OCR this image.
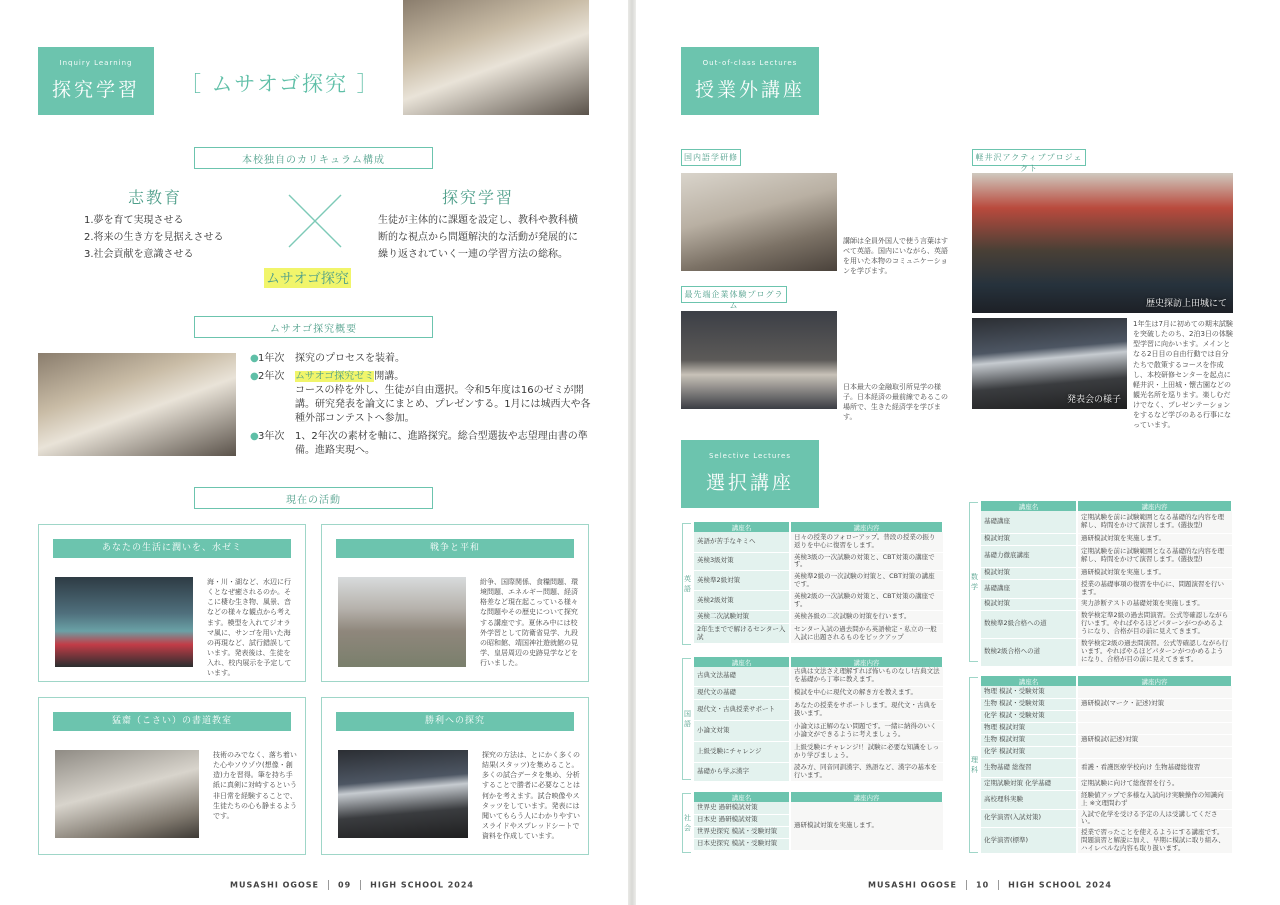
Inquiry Learning
探究学習	［ ムサオゴ探究 ］
本校独自のカリキュラム構成
志教育
1.夢を育て実現させる
2.将来の生き方を見据えさせる
3.社会貢献を意識させる
探究学習
生徒が主体的に課題を設定し、教科や教科横断的な視点から問題解決的な活動が発展的に繰り返されていく一連の学習方法の総称。
ムサオゴ探究
ムサオゴ探究概要
● 1年次 探究のプロセスを装着。
● 2年次 ムサオゴ探究ゼミ開講。
コースの枠を外し、生徒が自由選択。令和5年度は16のゼミが開講。研究発表を論文にまとめ、プレゼンする。1月には城西大や各種外部コンテストへ参加。
● 3年次 1、2年次の素材を軸に、進路探究。総合型選抜や志望理由書の準備。進路実現へ。
現在の活動
あなたの生活に潤いを、水ゼミ
海・川・湖など、水辺に行くとなぜ癒されるのか。そこに棲む生き物、風景、音などの様々な観点から考えます。模型を入れてジオラマ風に、サンゴを用いた海の再現など、試行錯誤しています。発表後は、生徒を入れ、校内展示を予定しています。
戦争と平和
紛争、国際関係、食糧問題、環境問題、エネルギー問題、経済格差など現在起こっている様々な問題やその歴史について探究する講座です。夏休み中には校外学習として防衛省見学、九段の昭和館、靖国神社遊就館の見学、皇居周辺の史跡見学などを行いました。
猛齋（こさい）の書道教室
技術のみでなく、落ち着いた心やソウゾウ(想像・創造)力を習得。筆を持ち手紙に真剣に対峙するという非日常を経験することで、生徒たちの心も静まるようです。
勝利への探究
探究の方法は、とにかく多くの結果(スタッツ)を集めること。多くの試合データを集め、分析することで勝者に必要なことは何かを考えます。試合映像やスタッツをしています。発表には聞いてもらう人にわかりやすいスライドやスプレッドシートで資料を作成しています。
MUSASHI OGOSE 09 HIGH SCHOOL 2024
Out-of-class Lectures
授業外講座
国内語学研修
講師は全員外国人で使う言葉はすべて英語。国内にいながら、英語を用いた本物のコミュニケーションを学びます。
最先端企業体験プログラム
日本最大の金融取引所見学の様子。日本経済の最前線であるこの場所で、生きた経済学を学びます。
軽井沢アクティブプロジェクト
歴史探訪上田城にて
発表会の様子
1年生は7月に初めての期末試験を突破したのち、2泊3日の体験型学習に向かいます。メインとなる2日目の自由行動では自分たちで散策するコースを作成し、本校研修センターを起点に軽井沢・上田城・懐古園などの観光名所を巡ります。楽しむだけでなく、プレゼンテーションをするなど学びのある行事になっています。
Selective Lectures
選択講座
英語
講座名	講座内容
英語が苦手なキミへ	日々の授業のフォローアップ。普段の授業の振り返りを中心に復習をします。
英検3級対策	英検3級の一次試験の対策と、CBT対策の講座です。
英検準2級対策	英検準2級の一次試験の対策と、CBT対策の講座です。
英検2級対策	英検2級の一次試験の対策と、CBT対策の講座です。
英検二次試験対策	英検各級の二次試験の対策を行います。
2年生までで解けるセンター入試	センター入試の過去問から英語検定・私立の一般入試に出題されるものをピックアップ
国語
講座名	講座内容
古典文法基礎	古典は文法さえ理解すれば怖いものなし!古典文法を基礎から丁寧に教えます。
現代文の基礎	模試を中心に現代文の解き方を教えます。
現代文・古典授業サポート	あなたの授業をサポートします。現代文・古典を扱います。
小論文対策	小論文は正解のない問題です。一緒に納得のいく小論文ができるように考えましょう。
上級受験にチャレンジ	上級受験にチャレンジ!！試験に必要な知識をしっかり学びましょう。
基礎から学ぶ漢字	読み方、同音同訓漢字、熟語など、漢字の基本を行います。
社会
講座名	講座内容
世界史 過研模試対策	過研模試対策を実施します。
日本史 過研模試対策	
世界史探究 模試・受験対策	
日本史探究 模試・受験対策	
数学
講座名	講座内容
基礎講座	定期試験を前に試験範囲となる基礎的な内容を理解し、時間をかけて演習します。(選抜型)
模試対策	過研模試対策を実施します。
基礎力徹底講座	定期試験を前に試験範囲となる基礎的な内容を理解し、時間をかけて演習します。(選抜型)
模試対策	過研模試対策を実施します。
基礎講座	授業の基礎事項の復習を中心に、問題演習を行います。
模試対策	実力診断テストの基礎対策を実施します。
数検準2級合格への道	数学検定準2級の過去問演習。公式等確認しながら行います。やればやるほどパターンがつかめるようになり、合格が目の前に見えてきます。
数検2級合格への道	数学検定2級の過去問演習。公式等確認しながら行います。やればやるほどパターンがつかめるようになり、合格が目の前に見えてきます。
理科
講座名	講座内容
物理 模試・受験対策	
生物 模試・受験対策	過研模試(マーク・記述)対策
化学 模試・受験対策	
物理 模試対策	
生物 模試対策	過研模試(記述)対策
化学 模試対策	
生物基礎 総復習	看護・看護医療学校向け 生物基礎総復習
定期試験対策 化学基礎	定期試験に向けて総復習を行う。
高校理科実験	経験値アップで多様な入試向け実験操作の知識向上 ※文理問わず
化学演習(入試対策)	入試で化学を受ける予定の人は受講してください。
化学演習(標準)	授業で習ったことを使えるようにする講座です。問題演習と解説に加え、早期に模試に取り組み、ハイレベルな内容も取り扱います。
MUSASHI OGOSE 10 HIGH SCHOOL 2024
